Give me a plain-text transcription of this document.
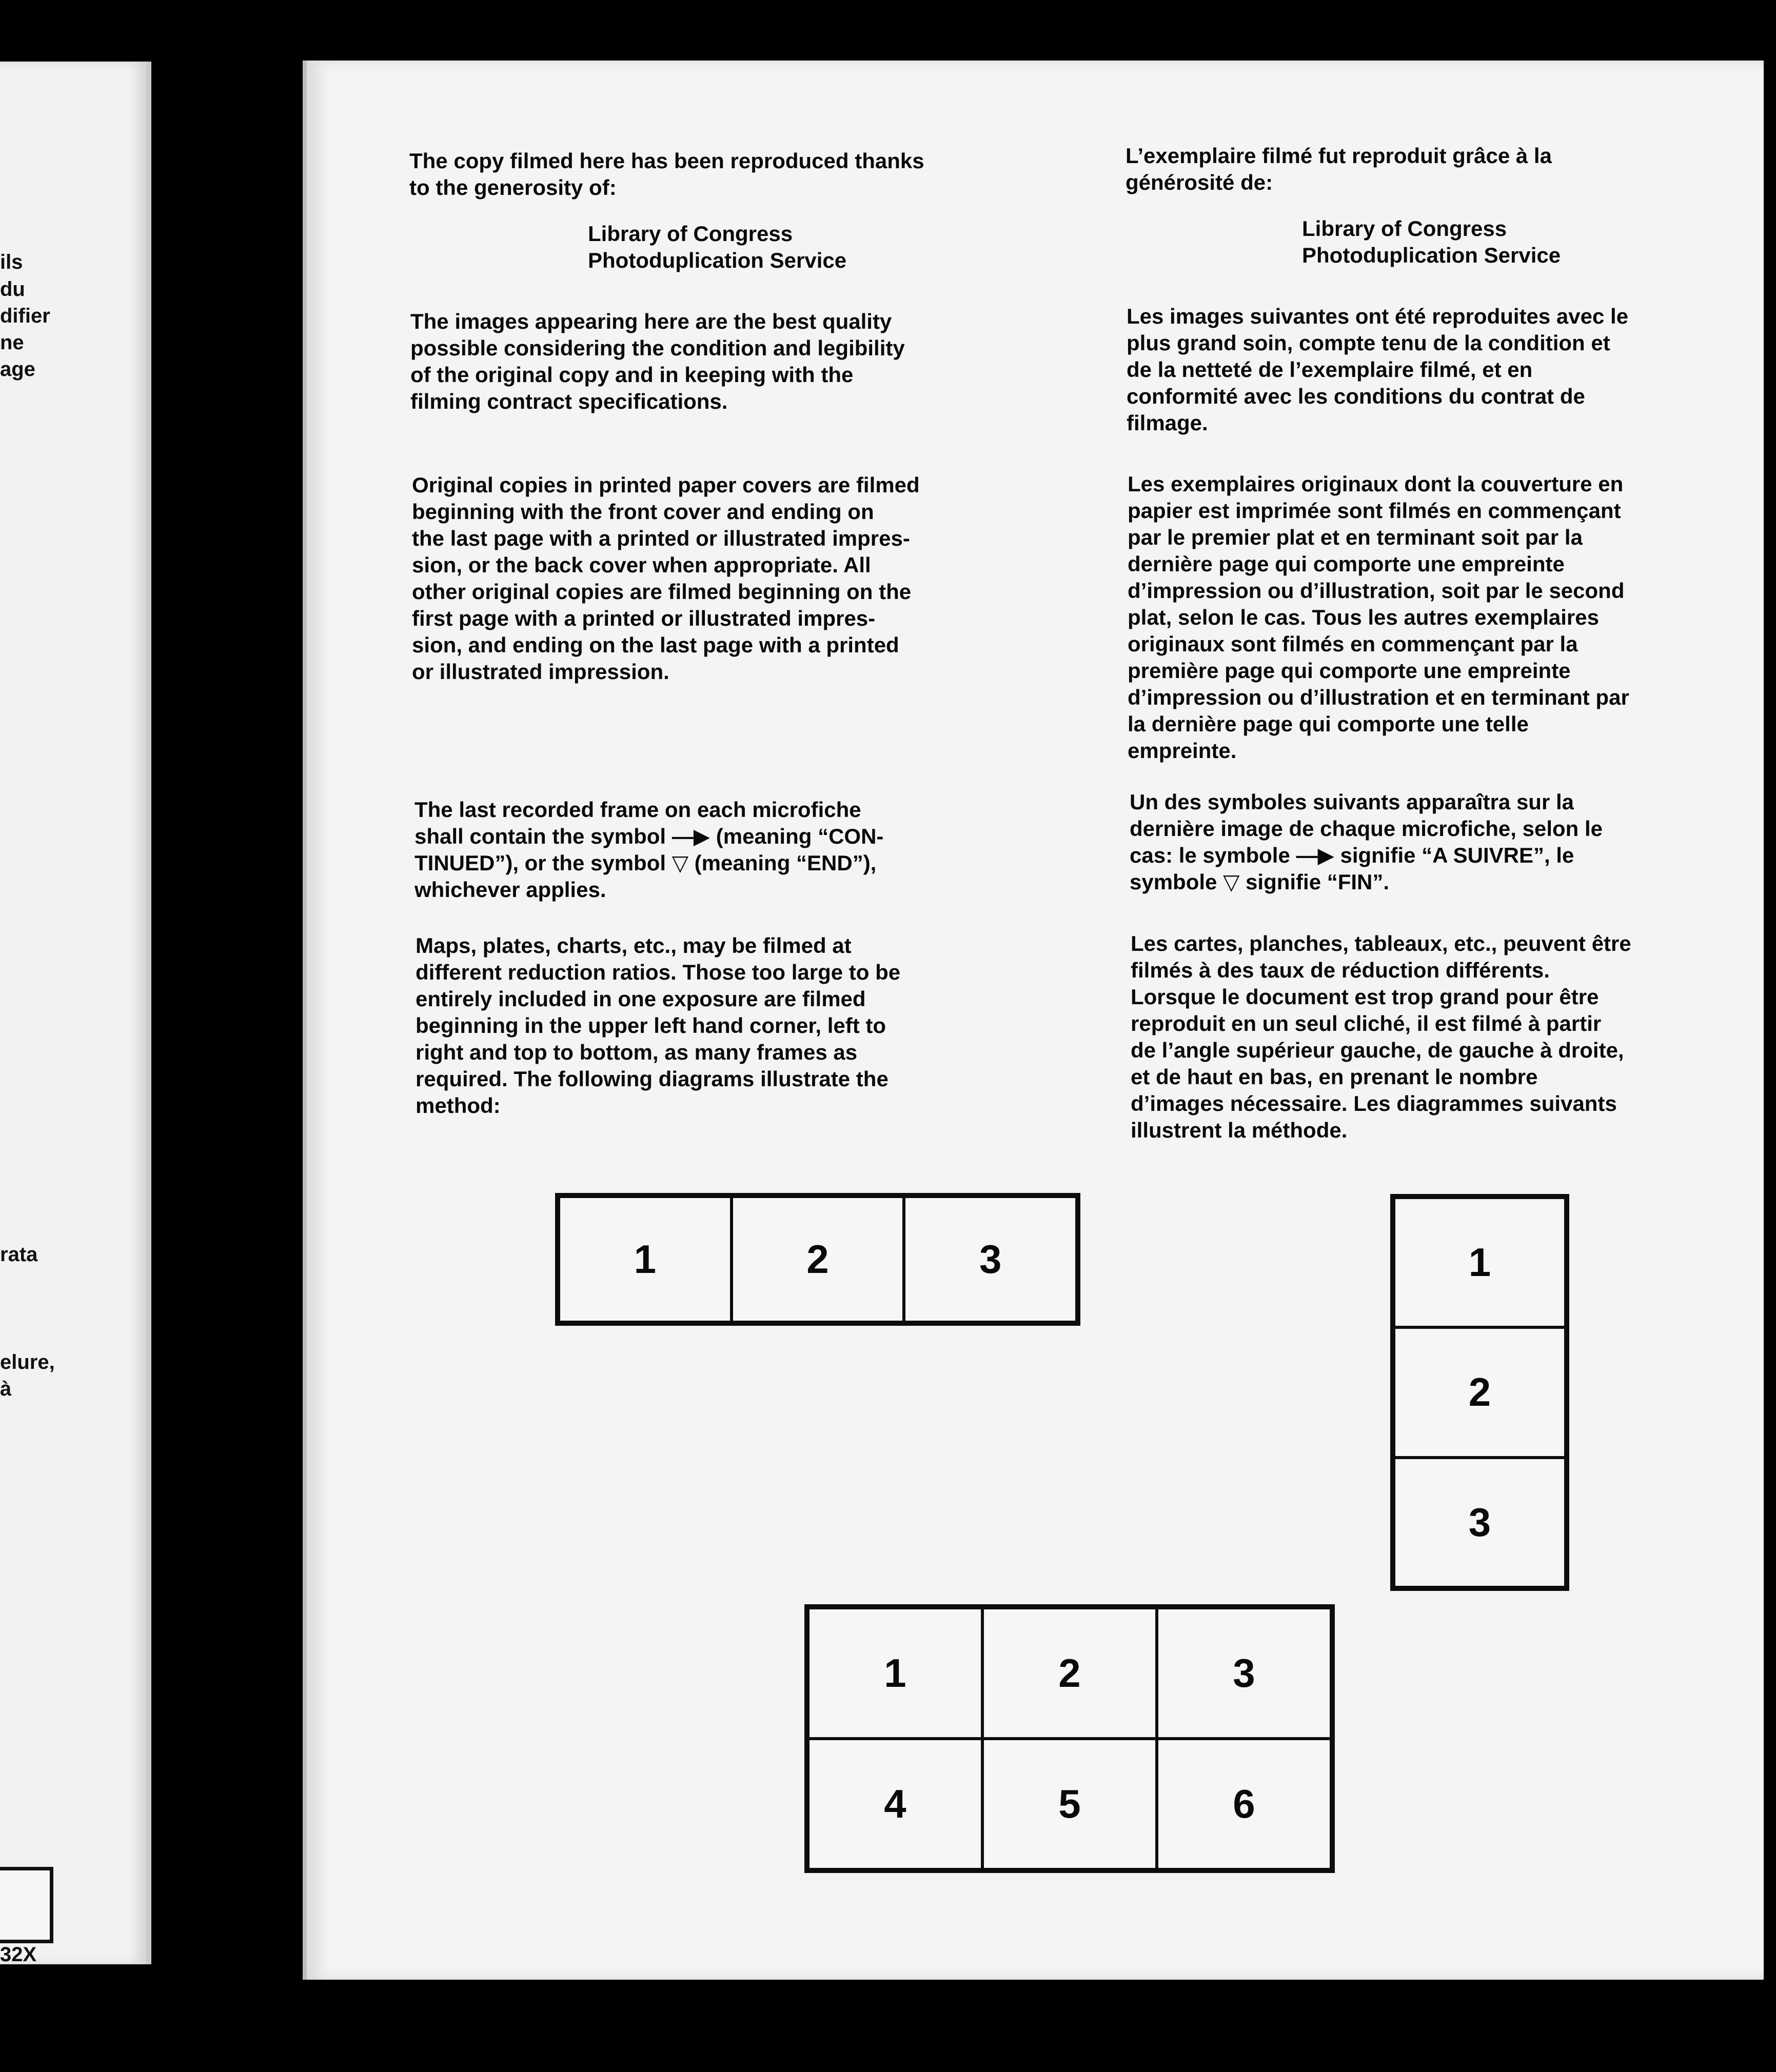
ils
du
difier
ne
age
rata
elure,
à
32X

The copy filmed here has been reproduced thanks
to the generosity of:

Library of Congress

Photoduplication Service

The images appearing here are the best quality
possible considering the condition and legibility
of the original copy and in keeping with the
filming contract specifications.

Original copies in printed paper covers are filmed
beginning with the front cover and ending on
the last page with a printed or illustrated impres-
sion, or the back cover when appropriate. All
other original copies are filmed beginning on the
first page with a printed or illustrated impres-
sion, and ending on the last page with a printed
or illustrated impression.

The last recorded frame on each microfiche
shall contain the symbol —▶ (meaning “CON-
TINUED”), or the symbol ▽ (meaning “END”),
whichever applies.

Maps, plates, charts, etc., may be filmed at
different reduction ratios. Those too large to be
entirely included in one exposure are filmed
beginning in the upper left hand corner, left to
right and top to bottom, as many frames as
required. The following diagrams illustrate the
method:

L’exemplaire filmé fut reproduit grâce à la
générosité de:

Library of Congress

Photoduplication Service

Les images suivantes ont été reproduites avec le
plus grand soin, compte tenu de la condition et
de la netteté de l’exemplaire filmé, et en
conformité avec les conditions du contrat de
filmage.

Les exemplaires originaux dont la couverture en
papier est imprimée sont filmés en commençant
par le premier plat et en terminant soit par la
dernière page qui comporte une empreinte
d’impression ou d’illustration, soit par le second
plat, selon le cas. Tous les autres exemplaires
originaux sont filmés en commençant par la
première page qui comporte une empreinte
d’impression ou d’illustration et en terminant par
la dernière page qui comporte une telle
empreinte.

Un des symboles suivants apparaîtra sur la
dernière image de chaque microfiche, selon le
cas: le symbole —▶ signifie “A SUIVRE”, le
symbole ▽ signifie “FIN”.

Les cartes, planches, tableaux, etc., peuvent être
filmés à des taux de réduction différents.
Lorsque le document est trop grand pour être
reproduit en un seul cliché, il est filmé à partir
de l’angle supérieur gauche, de gauche à droite,
et de haut en bas, en prenant le nombre
d’images nécessaire. Les diagrammes suivants
illustrent la méthode.

1	2	3	1
2
3
1	2	3
4	5	6
